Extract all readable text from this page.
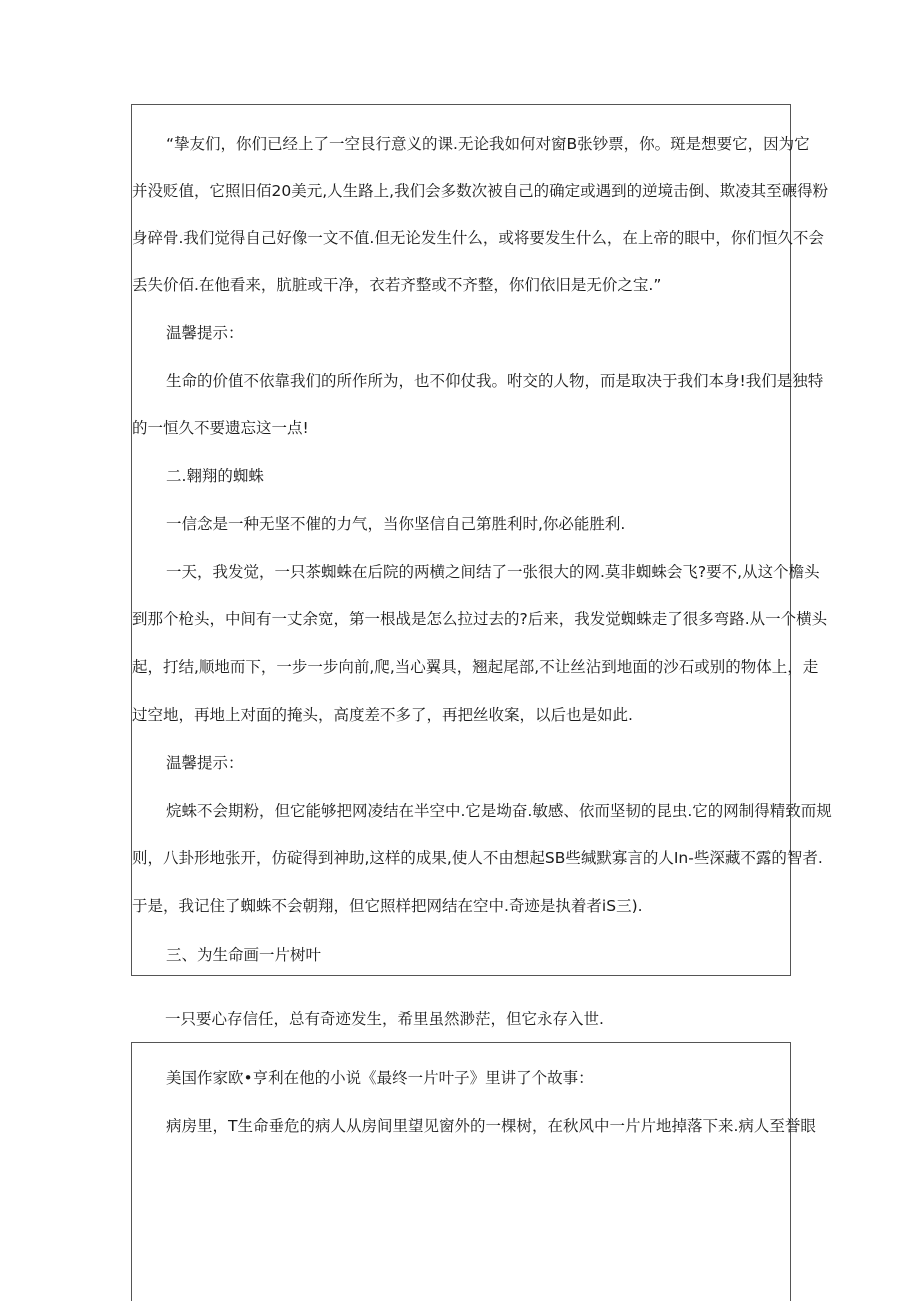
“挚友们，你们已经上了一空艮行意义的课.无论我如何对窗B张钞票，你。斑是想要它，因为它
并没贬值，它照旧佰20美元,人生路上,我们会多数次被自己的确定或遇到的逆境击倒、欺凌其至碾得粉
身碎骨.我们觉得自己好像一文不值.但无论发生什么，或将要发生什么，在上帝的眼中，你们恒久不会
丢失价佰.在他看来，肮脏或干净，衣若齐整或不齐整，你们依旧是无价之宝.”
温馨提示：
生命的价值不依靠我们的所作所为，也不仰仗我。咐交的人物，而是取决于我们本身!我们是独特
的一恒久不要遗忘这一点!
二.翱翔的蜘蛛
一信念是一种无坚不催的力气，当你坚信自己第胜利时,你必能胜利.
一天，我发觉，一只茶蜘蛛在后院的两横之间结了一张很大的网.莫非蜘蛛会飞?要不,从这个檐头
到那个枪头，中间有一丈余宽，第一根战是怎么拉过去的?后来，我发觉蜘蛛走了很多弯路.从一个横头
起，打结,顺地而下，一步一步向前,爬,当心翼具，翘起尾部,不让丝沾到地面的沙石或别的物体上，走
过空地，再地上对面的掩头，高度差不多了，再把丝收案，以后也是如此.
温馨提示：
烷蛛不会期粉，但它能够把网凌结在半空中.它是坳奋.敏感、依而坚韧的昆虫.它的网制得精致而规
则，八卦形地张开，仿碇得到神助,这样的成果,使人不由想起SB些缄默寡言的人In-些深藏不露的智者.
于是，我记住了蜘蛛不会朝翔，但它照样把网结在空中.奇迹是执着者iS三).
三、为生命画一片树叶
一只要心存信任，总有奇迹发生，希里虽然渺茫，但它永存入世.
美国作家欧•亨利在他的小说《最终一片叶子》里讲了个故事：
病房里，T生命垂危的病人从房间里望见窗外的一棵树，在秋风中一片片地掉落下来.病人至誉眼
